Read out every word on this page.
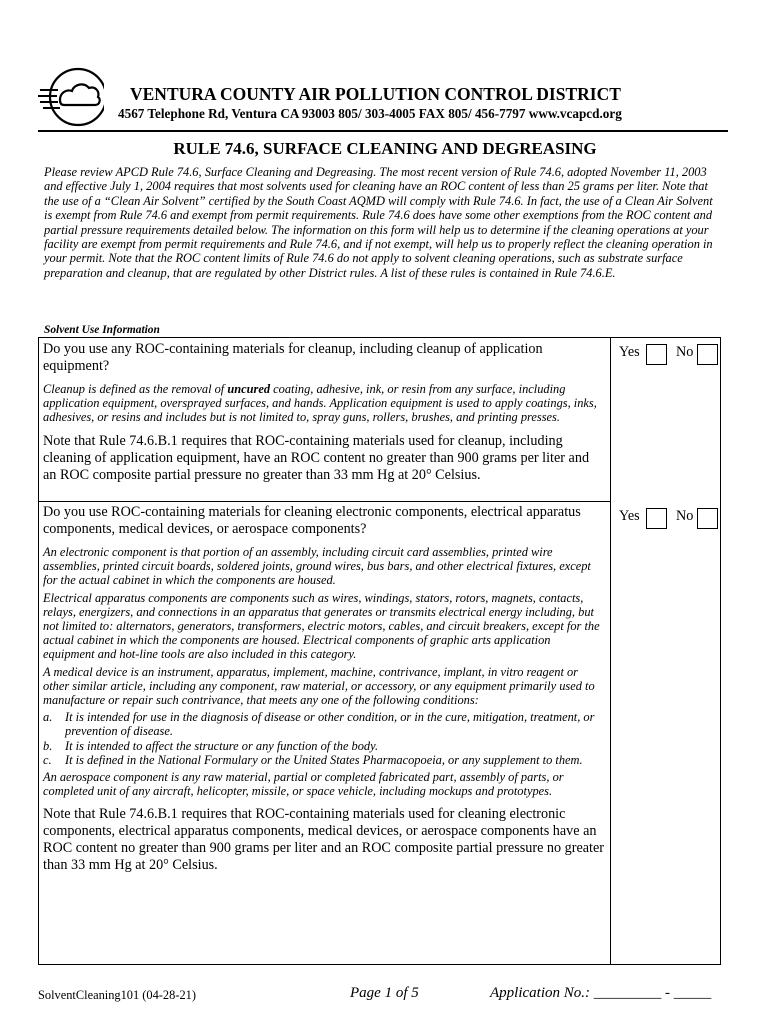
VENTURA COUNTY AIR POLLUTION CONTROL DISTRICT
4567 Telephone Rd, Ventura CA 93003 805/ 303-4005 FAX 805/ 456-7797 www.vcapcd.org
RULE 74.6, SURFACE CLEANING AND DEGREASING

Please review APCD Rule 74.6, Surface Cleaning and Degreasing. The most recent version of Rule 74.6, adopted November 11, 2003 and effective July 1, 2004 requires that most solvents used for cleaning have an ROC content of less than 25 grams per liter. Note that the use of a “Clean Air Solvent” certified by the South Coast AQMD will comply with Rule 74.6. In fact, the use of a Clean Air Solvent is exempt from Rule 74.6 and exempt from permit requirements. Rule 74.6 does have some other exemptions from the ROC content and partial pressure requirements detailed below. The information on this form will help us to determine if the cleaning operations at your facility are exempt from permit requirements and Rule 74.6, and if not exempt, will help us to properly reflect the cleaning operation in your permit. Note that the ROC content limits of Rule 74.6 do not apply to solvent cleaning operations, such as substrate surface preparation and cleanup, that are regulated by other District rules. A list of these rules is contained in Rule 74.6.E.

Solvent Use Information

Do you use any ROC-containing materials for cleanup, including cleanup of application equipment?

Cleanup is defined as the removal of uncured coating, adhesive, ink, or resin from any surface, including application equipment, oversprayed surfaces, and hands. Application equipment is used to apply coatings, inks, adhesives, or resins and includes but is not limited to, spray guns, rollers, brushes, and printing presses.

Note that Rule 74.6.B.1 requires that ROC-containing materials used for cleanup, including cleaning of application equipment, have an ROC content no greater than 900 grams per liter and an ROC composite partial pressure no greater than 33 mm Hg at 20° Celsius.

Yes	No

Do you use ROC-containing materials for cleaning electronic components, electrical apparatus components, medical devices, or aerospace components?

An electronic component is that portion of an assembly, including circuit card assemblies, printed wire assemblies, printed circuit boards, soldered joints, ground wires, bus bars, and other electrical fixtures, except for the actual cabinet in which the components are housed.

Electrical apparatus components are components such as wires, windings, stators, rotors, magnets, contacts, relays, energizers, and connections in an apparatus that generates or transmits electrical energy including, but not limited to: alternators, generators, transformers, electric motors, cables, and circuit breakers, except for the actual cabinet in which the components are housed. Electrical components of graphic arts application equipment and hot-line tools are also included in this category.

A medical device is an instrument, apparatus, implement, machine, contrivance, implant, in vitro reagent or other similar article, including any component, raw material, or accessory, or any equipment primarily used to manufacture or repair such contrivance, that meets any one of the following conditions:

a. It is intended for use in the diagnosis of disease or other condition, or in the cure, mitigation, treatment, or prevention of disease.
b. It is intended to affect the structure or any function of the body.
c. It is defined in the National Formulary or the United States Pharmacopoeia, or any supplement to them.

An aerospace component is any raw material, partial or completed fabricated part, assembly of parts, or completed unit of any aircraft, helicopter, missile, or space vehicle, including mockups and prototypes.

Note that Rule 74.6.B.1 requires that ROC-containing materials used for cleaning electronic components, electrical apparatus components, medical devices, or aerospace components have an ROC content no greater than 900 grams per liter and an ROC composite partial pressure no greater than 33 mm Hg at 20° Celsius.

Yes	No
SolventCleaning101 (04-28-21)	Page 1 of 5	Application No.: _________ - _____
